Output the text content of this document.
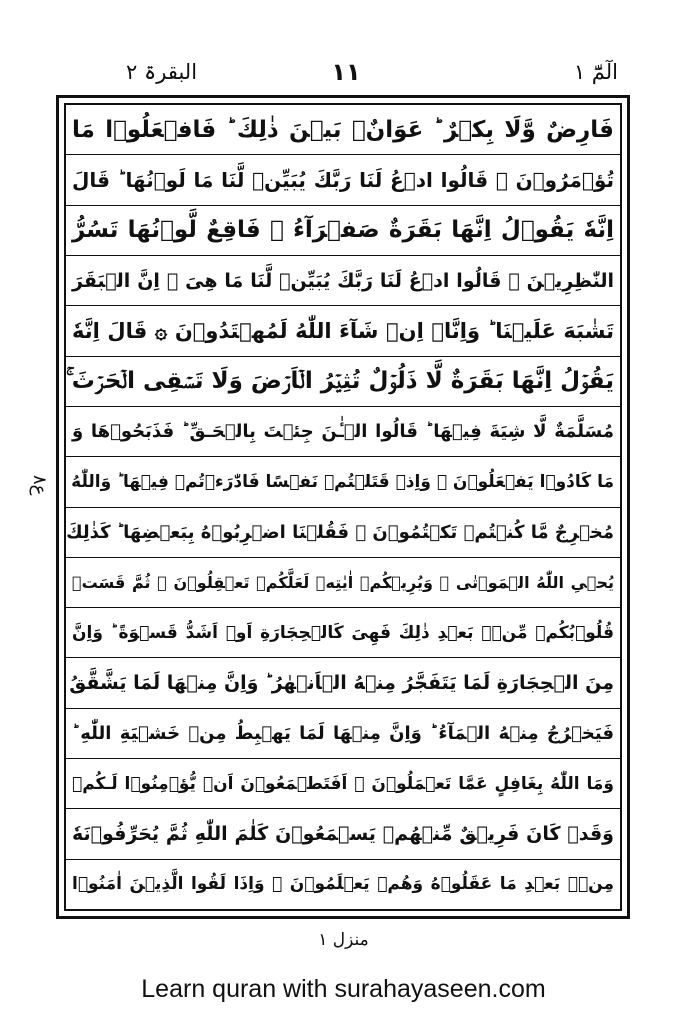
البقرۃ ۲	۱۱	الٓمّٓ ۱
ع۸
فَارِضٌ وَّلَا بِكۡرٌ ؕ عَوَانٌۢ بَيۡنَ ذٰلِكَ ؕ فَافۡعَلُوۡا مَا
تُؤۡمَرُوۡنَ ۞ قَالُوا ادۡعُ لَنَا رَبَّكَ يُبَيِّنۡ لَّنَا مَا لَوۡنُهَا ؕ قَالَ
اِنَّهٗ يَقُوۡلُ اِنَّهَا بَقَرَةٌ صَفۡرَآءُ ۙ فَاقِعٌ لَّوۡنُهَا تَسُرُّ
النّٰظِرِيۡنَ ۞ قَالُوا ادۡعُ لَنَا رَبَّكَ يُبَيِّنۡ لَّنَا مَا هِىَ ۙ اِنَّ الۡبَقَرَ
تَشٰبَهَ عَلَيۡنَا ؕ وَاِنَّاۤ اِنۡ شَآءَ اللّٰهُ لَمُهۡتَدُوۡنَ ۞ قَالَ اِنَّهٗ
يَقُوۡلُ اِنَّهَا بَقَرَةٌ لَّا ذَلُوۡلٌ تُثِيۡرُ الۡاَرۡضَ وَلَا تَسۡقِى الۡحَرۡثَ ۚ
مُسَلَّمَةٌ لَّا شِيَةَ فِيۡهَا ؕ قَالُوا الۡـٰٔنَ جِئۡتَ بِالۡحَـقِّ ؕ فَذَبَحُوۡهَا وَ
مَا كَادُوۡا يَفۡعَلُوۡنَ ۞ وَاِذۡ قَتَلۡتُمۡ نَفۡسًا فَادّٰرَءۡتُمۡ فِيۡهَا ؕ وَاللّٰهُ
مُخۡرِجٌ مَّا كُنۡتُمۡ تَكۡتُمُوۡنَ ۞ فَقُلۡنَا اضۡرِبُوۡهُ بِبَعۡضِهَا ؕ كَذٰلِكَ
يُحۡىِ اللّٰهُ الۡمَوۡتٰى ۙ وَيُرِيۡكُمۡ اٰيٰتِهٖ لَعَلَّكُمۡ تَعۡقِلُوۡنَ ۞ ثُمَّ قَسَتۡ
قُلُوۡبُكُمۡ مِّنۡۢ بَعۡدِ ذٰلِكَ فَهِىَ كَالۡحِجَارَةِ اَوۡ اَشَدُّ قَسۡوَةً ؕ وَاِنَّ
مِنَ الۡحِجَارَةِ لَمَا يَتَفَجَّرُ مِنۡهُ الۡاَنۡهٰرُ ؕ وَاِنَّ مِنۡهَا لَمَا يَشَّقَّقُ
فَيَخۡرُجُ مِنۡهُ الۡمَآءُ ؕ وَاِنَّ مِنۡهَا لَمَا يَهۡبِطُ مِنۡ خَشۡيَةِ اللّٰهِ ؕ
وَمَا اللّٰهُ بِغَافِلٍ عَمَّا تَعۡمَلُوۡنَ ۞ اَفَتَطۡمَعُوۡنَ اَنۡ يُّؤۡمِنُوۡا لَـكُمۡ
وَقَدۡ كَانَ فَرِيۡقٌ مِّنۡهُمۡ يَسۡمَعُوۡنَ كَلٰمَ اللّٰهِ ثُمَّ يُحَرِّفُوۡنَهٗ
مِنۡۢ بَعۡدِ مَا عَقَلُوۡهُ وَهُمۡ يَعۡلَمُوۡنَ ۞ وَاِذَا لَقُوا الَّذِيۡنَ اٰمَنُوۡا
منزل ۱
Learn quran with surahayaseen.com
